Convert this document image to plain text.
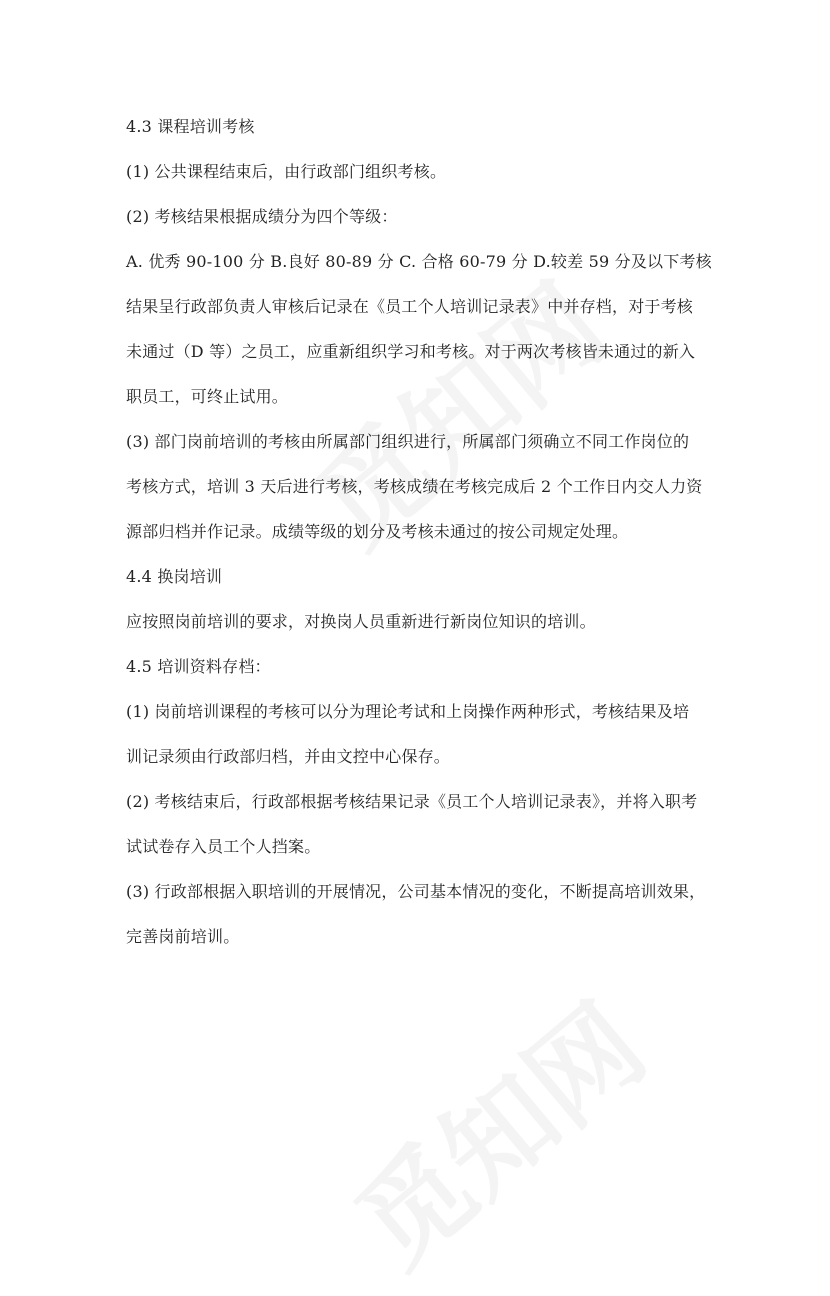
4.3 课程培训考核
(1) 公共课程结束后，由行政部门组织考核。
(2) 考核结果根据成绩分为四个等级：
A. 优秀 90-100 分 B.良好 80-89 分 C. 合格 60-79 分 D.较差 59 分及以下考核
结果呈行政部负责人审核后记录在《员工个人培训记录表》中并存档，对于考核
未通过（D 等）之员工，应重新组织学习和考核。对于两次考核皆未通过的新入
职员工，可终止试用。
(3) 部门岗前培训的考核由所属部门组织进行，所属部门须确立不同工作岗位的
考核方式，培训 3 天后进行考核，考核成绩在考核完成后 2 个工作日内交人力资
源部归档并作记录。成绩等级的划分及考核未通过的按公司规定处理。
4.4 换岗培训
应按照岗前培训的要求，对换岗人员重新进行新岗位知识的培训。
4.5 培训资料存档：
(1) 岗前培训课程的考核可以分为理论考试和上岗操作两种形式，考核结果及培
训记录须由行政部归档，并由文控中心保存。
(2) 考核结束后，行政部根据考核结果记录《员工个人培训记录表》，并将入职考
试试卷存入员工个人挡案。
(3) 行政部根据入职培训的开展情况，公司基本情况的变化，不断提高培训效果，
完善岗前培训。
